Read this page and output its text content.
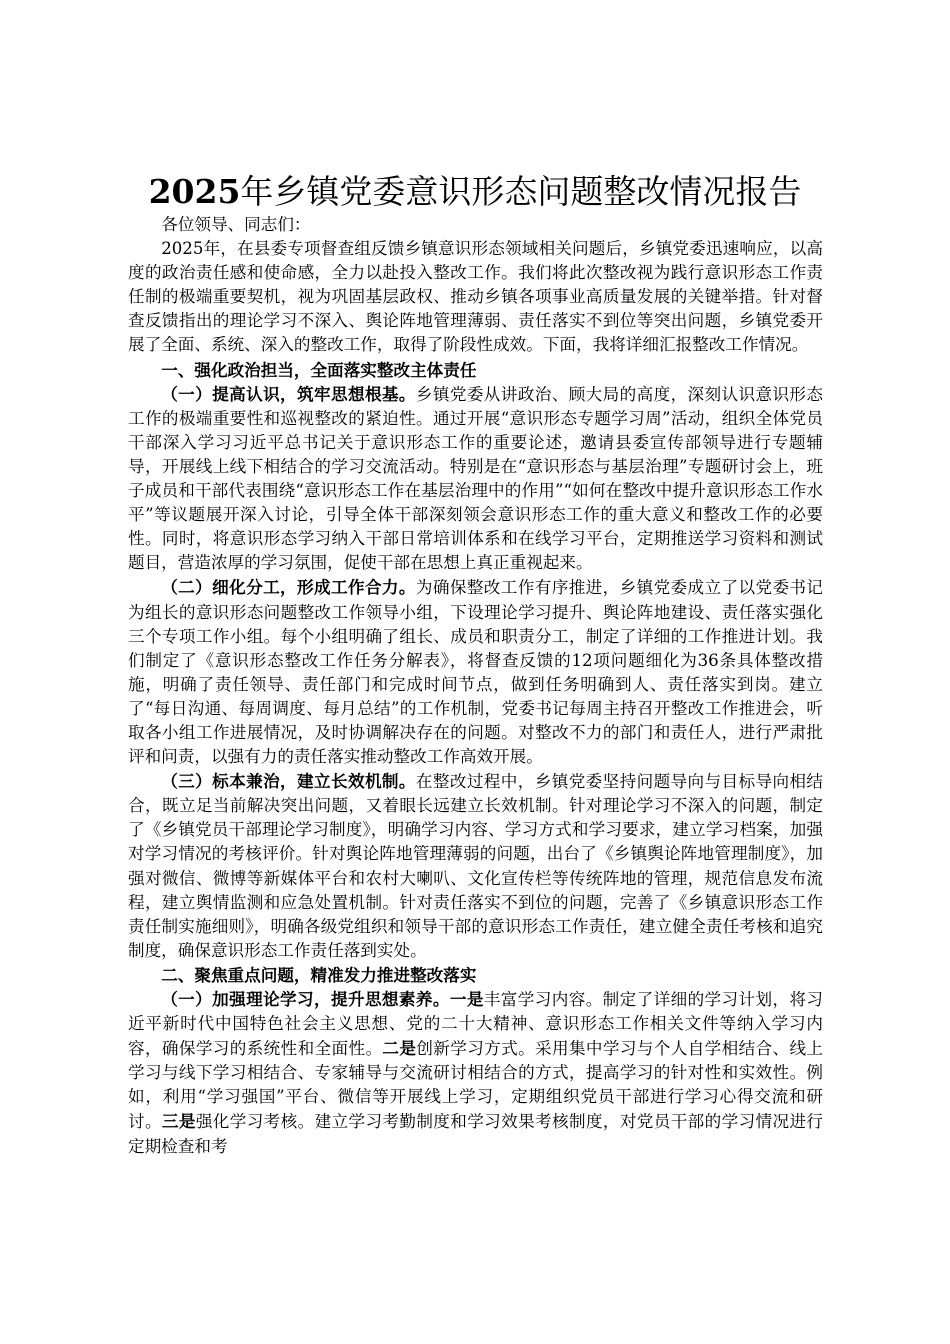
2025年乡镇党委意识形态问题整改情况报告

各位领导、同志们：

2025年，在县委专项督查组反馈乡镇意识形态领域相关问题后，乡镇党委迅速响应，以高度的政治责任感和使命感，全力以赴投入整改工作。我们将此次整改视为践行意识形态工作责任制的极端重要契机，视为巩固基层政权、推动乡镇各项事业高质量发展的关键举措。针对督查反馈指出的理论学习不深入、舆论阵地管理薄弱、责任落实不到位等突出问题，乡镇党委开展了全面、系统、深入的整改工作，取得了阶段性成效。下面，我将详细汇报整改工作情况。

一、强化政治担当，全面落实整改主体责任

（一）提高认识，筑牢思想根基。乡镇党委从讲政治、顾大局的高度，深刻认识意识形态工作的极端重要性和巡视整改的紧迫性。通过开展“意识形态专题学习周”活动，组织全体党员干部深入学习习近平总书记关于意识形态工作的重要论述，邀请县委宣传部领导进行专题辅导，开展线上线下相结合的学习交流活动。特别是在“意识形态与基层治理”专题研讨会上，班子成员和干部代表围绕“意识形态工作在基层治理中的作用”“如何在整改中提升意识形态工作水平”等议题展开深入讨论，引导全体干部深刻领会意识形态工作的重大意义和整改工作的必要性。同时，将意识形态学习纳入干部日常培训体系和在线学习平台，定期推送学习资料和测试题目，营造浓厚的学习氛围，促使干部在思想上真正重视起来。

（二）细化分工，形成工作合力。为确保整改工作有序推进，乡镇党委成立了以党委书记为组长的意识形态问题整改工作领导小组，下设理论学习提升、舆论阵地建设、责任落实强化三个专项工作小组。每个小组明确了组长、成员和职责分工，制定了详细的工作推进计划。我们制定了《意识形态整改工作任务分解表》，将督查反馈的12项问题细化为36条具体整改措施，明确了责任领导、责任部门和完成时间节点，做到任务明确到人、责任落实到岗。建立了“每日沟通、每周调度、每月总结”的工作机制，党委书记每周主持召开整改工作推进会，听取各小组工作进展情况，及时协调解决存在的问题。对整改不力的部门和责任人，进行严肃批评和问责，以强有力的责任落实推动整改工作高效开展。

（三）标本兼治，建立长效机制。在整改过程中，乡镇党委坚持问题导向与目标导向相结合，既立足当前解决突出问题，又着眼长远建立长效机制。针对理论学习不深入的问题，制定了《乡镇党员干部理论学习制度》，明确学习内容、学习方式和学习要求，建立学习档案，加强对学习情况的考核评价。针对舆论阵地管理薄弱的问题，出台了《乡镇舆论阵地管理制度》，加强对微信、微博等新媒体平台和农村大喇叭、文化宣传栏等传统阵地的管理，规范信息发布流程，建立舆情监测和应急处置机制。针对责任落实不到位的问题，完善了《乡镇意识形态工作责任制实施细则》，明确各级党组织和领导干部的意识形态工作责任，建立健全责任考核和追究制度，确保意识形态工作责任落到实处。

二、聚焦重点问题，精准发力推进整改落实

（一）加强理论学习，提升思想素养。一是丰富学习内容。制定了详细的学习计划，将习近平新时代中国特色社会主义思想、党的二十大精神、意识形态工作相关文件等纳入学习内容，确保学习的系统性和全面性。二是创新学习方式。采用集中学习与个人自学相结合、线上学习与线下学习相结合、专家辅导与交流研讨相结合的方式，提高学习的针对性和实效性。例如，利用“学习强国”平台、微信等开展线上学习，定期组织党员干部进行学习心得交流和研讨。三是强化学习考核。建立学习考勤制度和学习效果考核制度，对党员干部的学习情况进行定期检查和考
